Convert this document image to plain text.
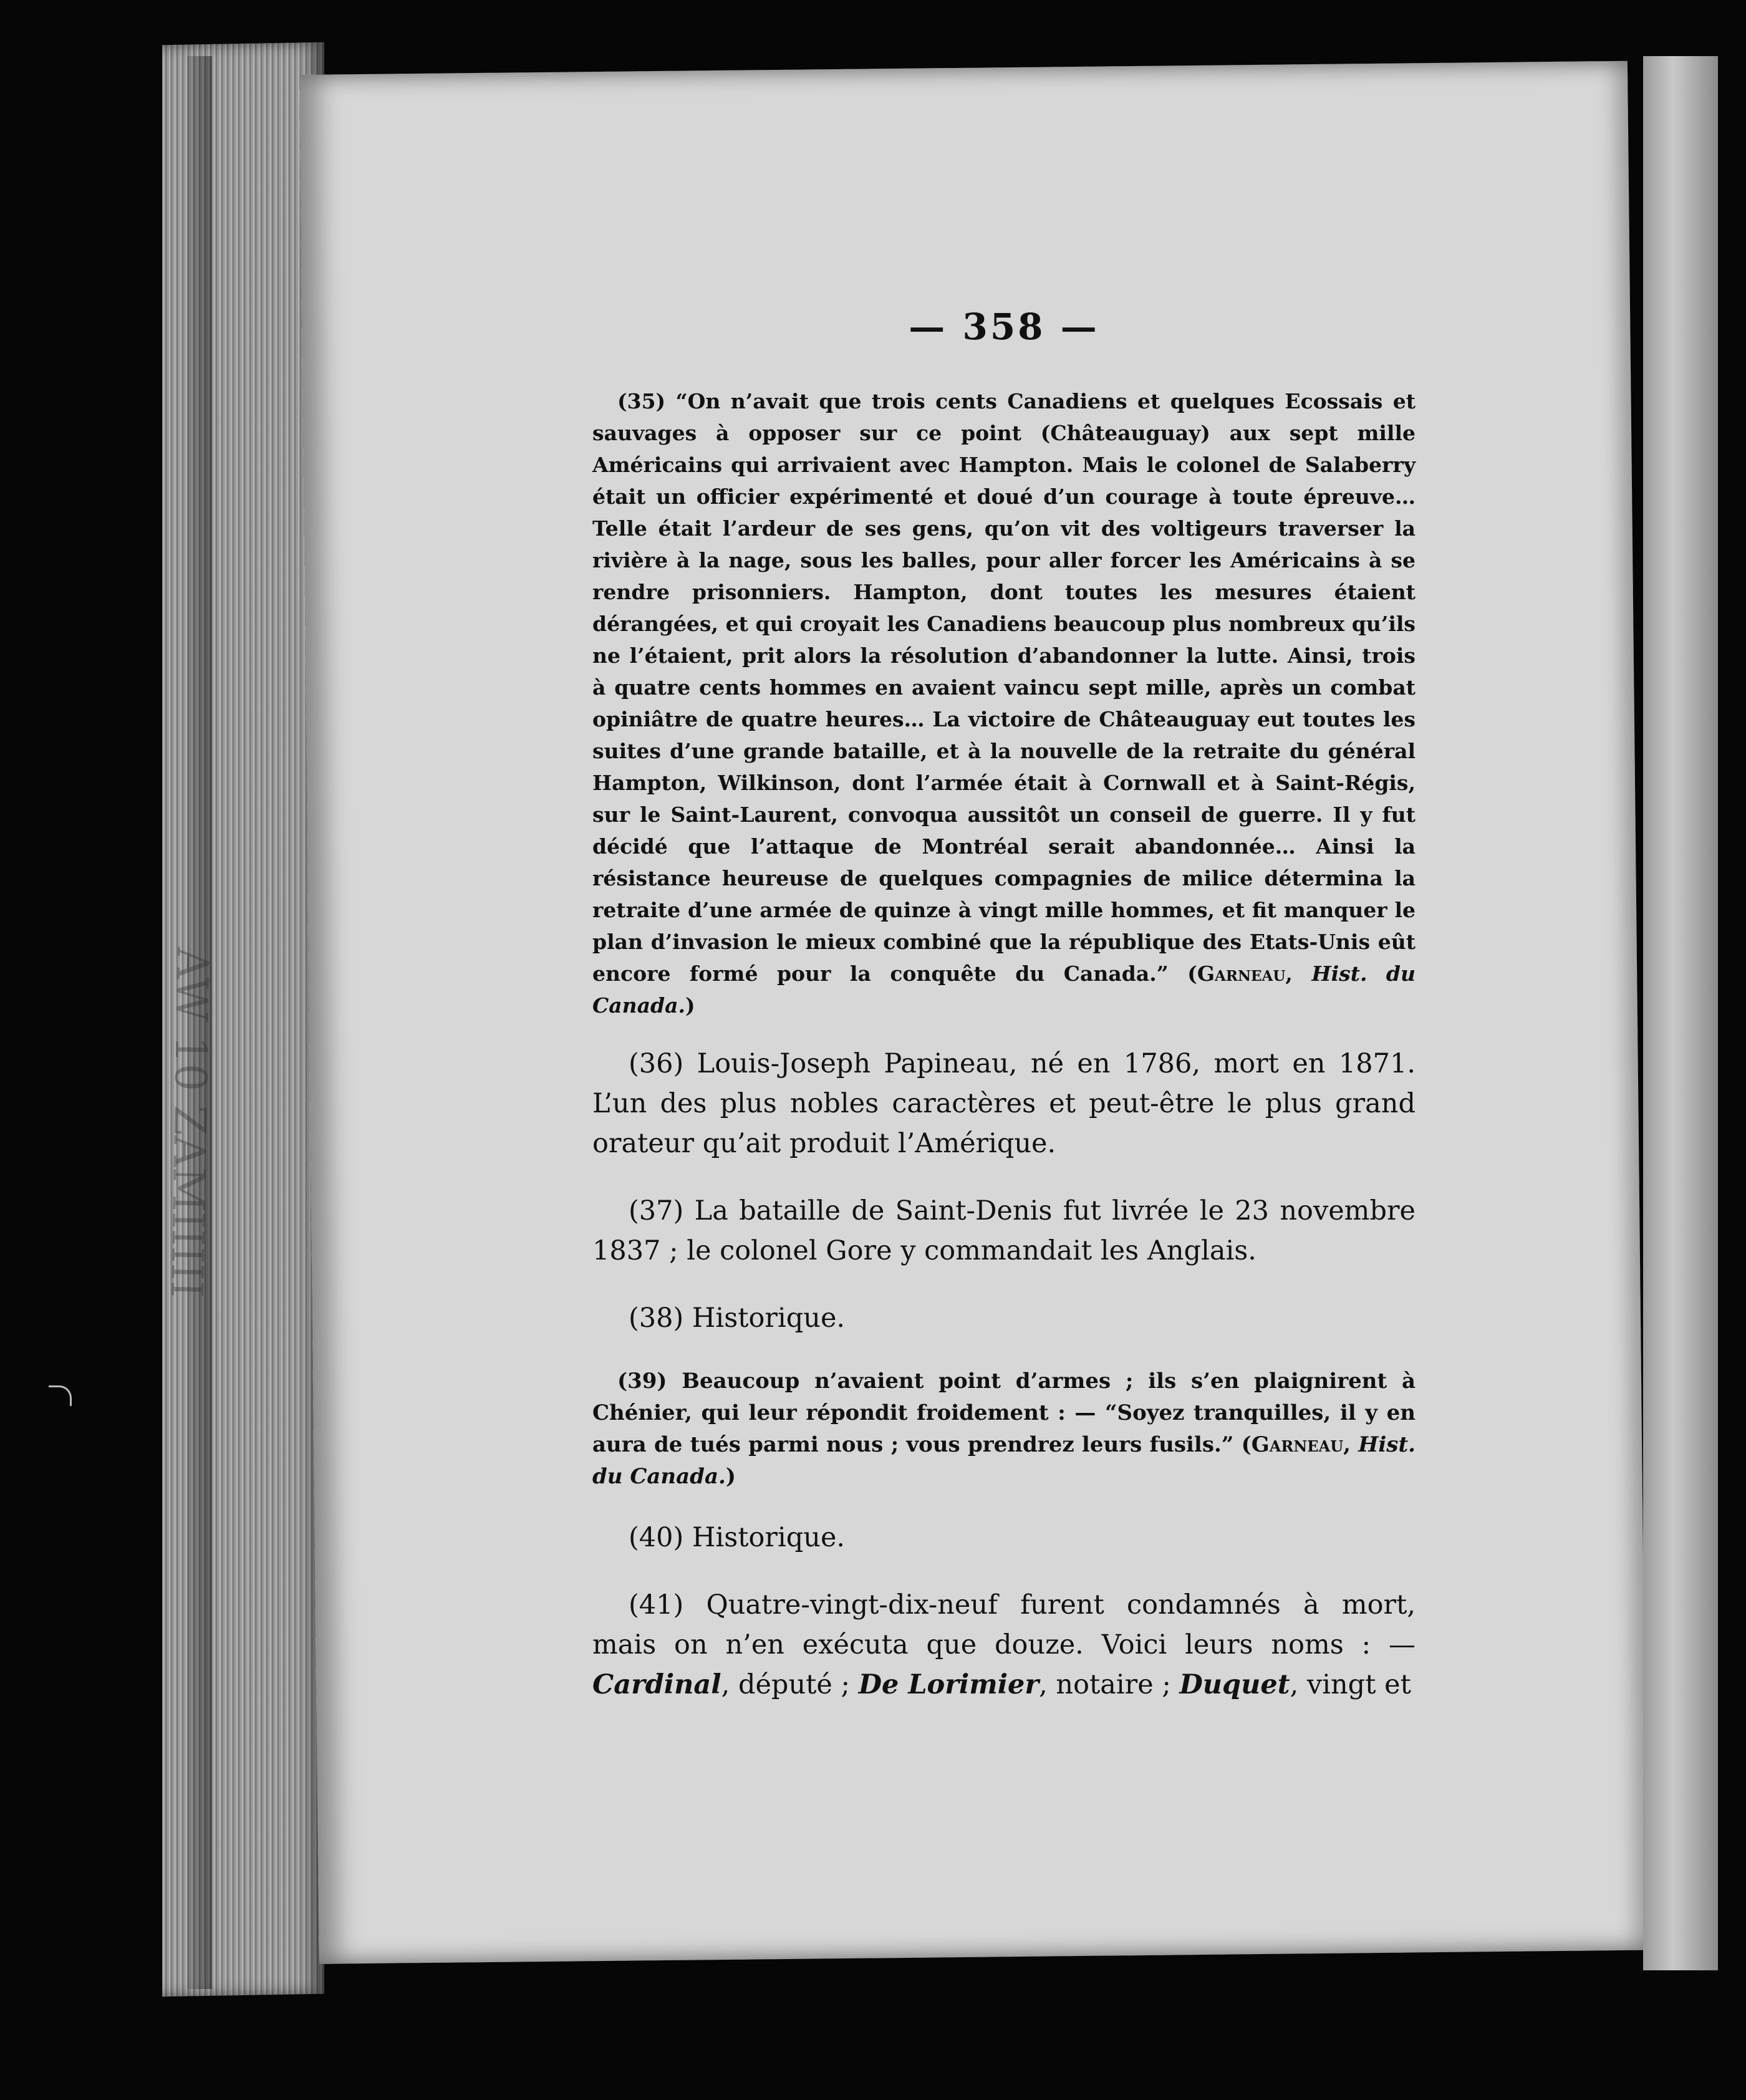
AW
— 358 —

(35) “On n’avait que trois cents Canadiens et quelques Ecossais et sauvages à opposer sur ce point (Châteauguay) aux sept mille Américains qui arrivaient avec Hampton. Mais le colonel de Salaberry était un officier expérimenté et doué d’un courage à toute épreuve… Telle était l’ardeur de ses gens, qu’on vit des voltigeurs traverser la rivière à la nage, sous les balles, pour aller forcer les Américains à se rendre prisonniers. Hampton, dont toutes les mesures étaient dérangées, et qui croyait les Canadiens beaucoup plus nombreux qu’ils ne l’étaient, prit alors la résolution d’abandonner la lutte. Ainsi, trois à quatre cents hommes en avaient vaincu sept mille, après un combat opiniâtre de quatre heures… La victoire de Châteauguay eut toutes les suites d’une grande bataille, et à la nouvelle de la retraite du général Hampton, Wilkinson, dont l’armée était à Cornwall et à Saint-Régis, sur le Saint-Laurent, convoqua aussitôt un conseil de guerre. Il y fut décidé que l’attaque de Montréal serait abandonnée… Ainsi la résistance heureuse de quelques compagnies de milice détermina la retraite d’une armée de quinze à vingt mille hommes, et fit manquer le plan d’invasion le mieux combiné que la république des Etats-Unis eût encore formé pour la conquête du Canada.” (Garneau, Hist. du Canada.)

(36) Louis-Joseph Papineau, né en 1786, mort en 1871. L’un des plus nobles caractères et peut-être le plus grand orateur qu’ait produit l’Amérique.

(37) La bataille de Saint-Denis fut livrée le 23 novembre 1837 ; le colonel Gore y commandait les Anglais.

(38) Historique.

(39) Beaucoup n’avaient point d’armes ; ils s’en plaignirent à Chénier, qui leur répondit froidement : — “Soyez tranquilles, il y en aura de tués parmi nous ; vous prendrez leurs fusils.” (Garneau, Hist. du Canada.)

(40) Historique.

(41) Quatre-vingt-dix-neuf furent condamnés à mort, mais on n’en exécuta que douze. Voici leurs noms : — Cardinal, député ; De Lorimier, notaire ; Duquet, vingt et
